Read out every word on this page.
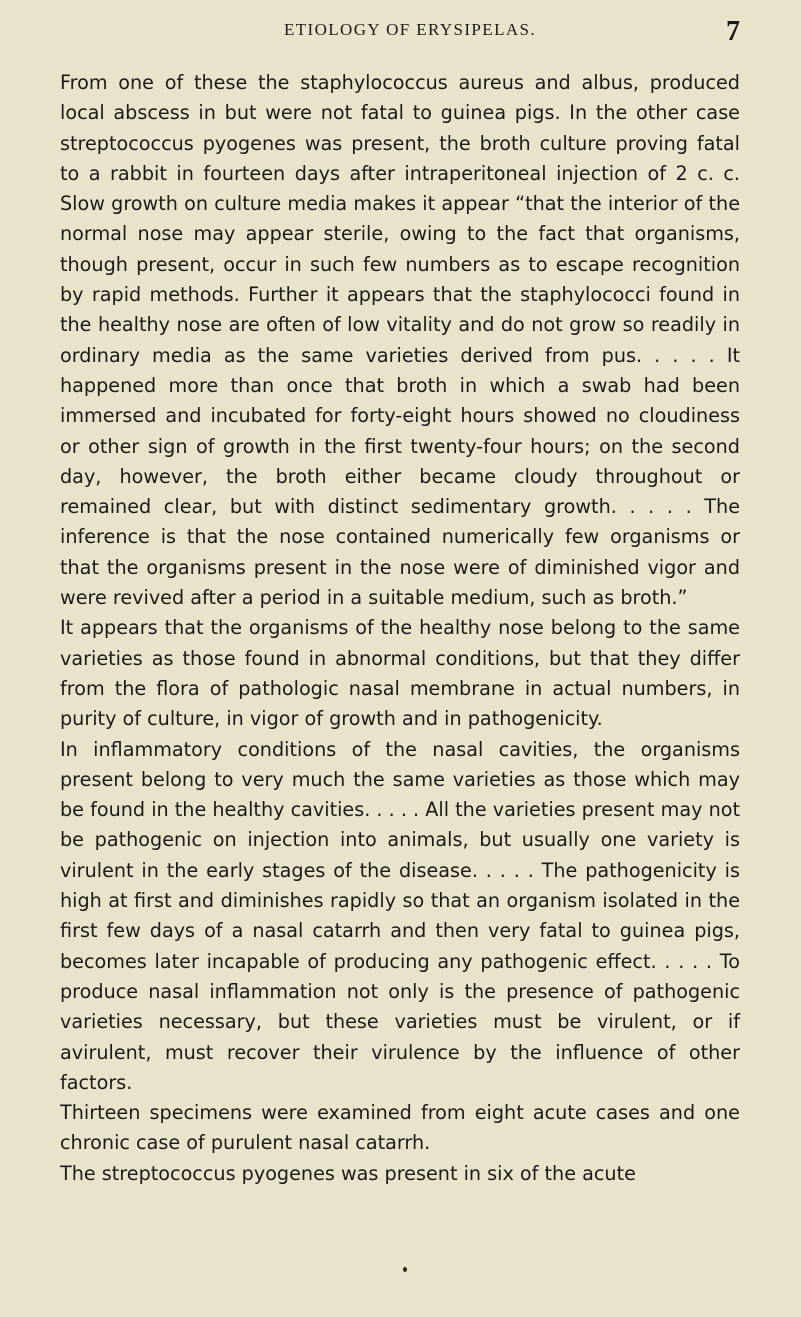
ETIOLOGY OF ERYSIPELAS.	7

From one of these the staphylococcus aureus and albus, produced local abscess in but were not fatal to guinea pigs. In the other case streptococcus pyogenes was present, the broth culture proving fatal to a rabbit in fourteen days after intraperitoneal injection of 2 c. c. Slow growth on culture media makes it appear “that the interior of the normal nose may appear sterile, owing to the fact that organisms, though present, occur in such few numbers as to escape recognition by rapid methods. Further it appears that the staphylococci found in the healthy nose are often of low vitality and do not grow so readily in ordinary media as the same varieties derived from pus. . . . . It happened more than once that broth in which a swab had been immersed and incubated for forty-eight hours showed no cloudiness or other sign of growth in the first twenty-four hours; on the second day, however, the broth either became cloudy throughout or remained clear, but with distinct sedimentary growth. . . . . The inference is that the nose contained numerically few organisms or that the organisms present in the nose were of diminished vigor and were revived after a period in a suitable medium, such as broth.”

It appears that the organisms of the healthy nose belong to the same varieties as those found in abnormal conditions, but that they differ from the flora of pathologic nasal membrane in actual numbers, in purity of culture, in vigor of growth and in pathogenicity.

In inflammatory conditions of the nasal cavities, the organisms present belong to very much the same varieties as those which may be found in the healthy cavities. . . . . All the varieties present may not be pathogenic on injection into animals, but usually one variety is virulent in the early stages of the disease. . . . . The pathogenicity is high at first and diminishes rapidly so that an organism isolated in the first few days of a nasal catarrh and then very fatal to guinea pigs, becomes later incapable of producing any pathogenic effect. . . . . To produce nasal inflammation not only is the presence of pathogenic varieties necessary, but these varieties must be virulent, or if avirulent, must recover their virulence by the influence of other factors.

Thirteen specimens were examined from eight acute cases and one chronic case of purulent nasal catarrh.

The streptococcus pyogenes was present in six of the acute
